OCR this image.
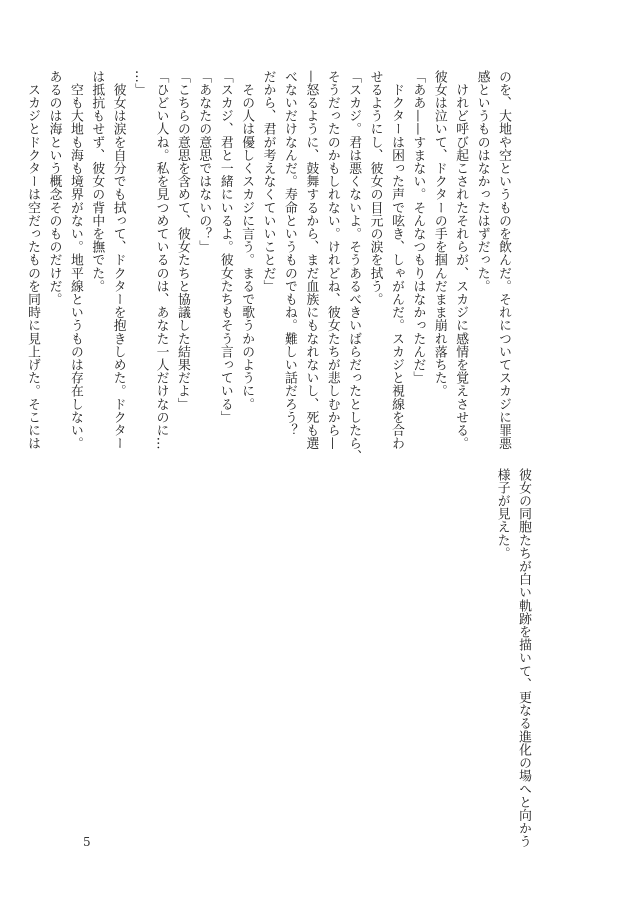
のを、大地や空というものを飲んだ。それについてスカジに罪悪

感というものはなかったはずだった。

　けれど呼び起こされたそれらが、スカジに感情を覚えさせる。

彼女は泣いて、ドクターの手を掴んだまま崩れ落ちた。

「ああ——すまない。そんなつもりはなかったんだ」

　ドクターは困った声で呟き、しゃがんだ。スカジと視線を合わ

せるようにし、彼女の目元の涙を拭う。

「スカジ。君は悪くないよ。そうあるべきいばらだったとしたら、

そうだったのかもしれない。けれどね、彼女たちが悲しむから—

—怒るように、鼓舞するから、まだ血族にもなれないし、死も選

べないだけなんだ。寿命というものでもね。難しい話だろう？

だから、君が考えなくていいことだ」

　その人は優しくスカジに言う。まるで歌うかのように。

「スカジ、君と一緒にいるよ。彼女たちもそう言っている」

「あなたの意思ではないの？」

「こちらの意思を含めて、彼女たちと協議した結果だよ」

「ひどい人ね。私を見つめているのは、あなた一人だけなのに…

…」

　彼女は涙を自分でも拭って、ドクターを抱きしめた。ドクター

は抵抗もせず、彼女の背中を撫でた。

　空も大地も海も境界がない。地平線というものは存在しない。

あるのは海という概念そのものだけだ。

　スカジとドクターは空だったものを同時に見上げた。そこには

彼女の同胞たちが白い軌跡を描いて、更なる進化の場へと向かう

様子が見えた。

5
